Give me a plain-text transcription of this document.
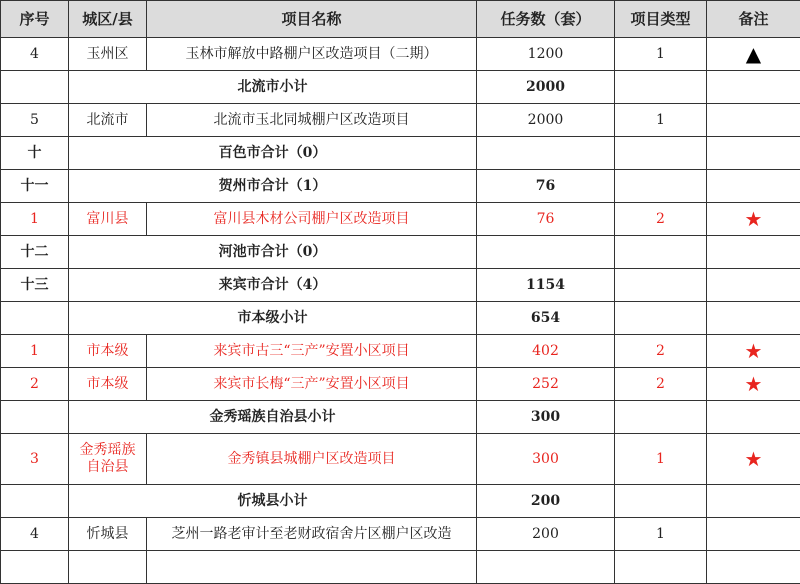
序号	城区/县	项目名称	任务数（套）	项目类型	备注
4	玉州区	玉林市解放中路棚户区改造项目（二期）	1200	1	▲
	北流市小计		2000		
5	北流市	北流市玉北同城棚户区改造项目	2000	1	
十	百色市合计（0）				
十一	贺州市合计（1）		76		
1	富川县	富川县木材公司棚户区改造项目	76	2	★
十二	河池市合计（0）				
十三	来宾市合计（4）		1154		
	市本级小计		654		
1	市本级	来宾市古三“三产”安置小区项目	402	2	★
2	市本级	来宾市长梅“三产”安置小区项目	252	2	★
	金秀瑶族自治县小计		300		
3	金秀瑶族自治县	金秀镇县城棚户区改造项目	300	1	★
	忻城县小计		200		
4	忻城县	芝州一路老审计至老财政宿舍片区棚户区改造	200	1	
